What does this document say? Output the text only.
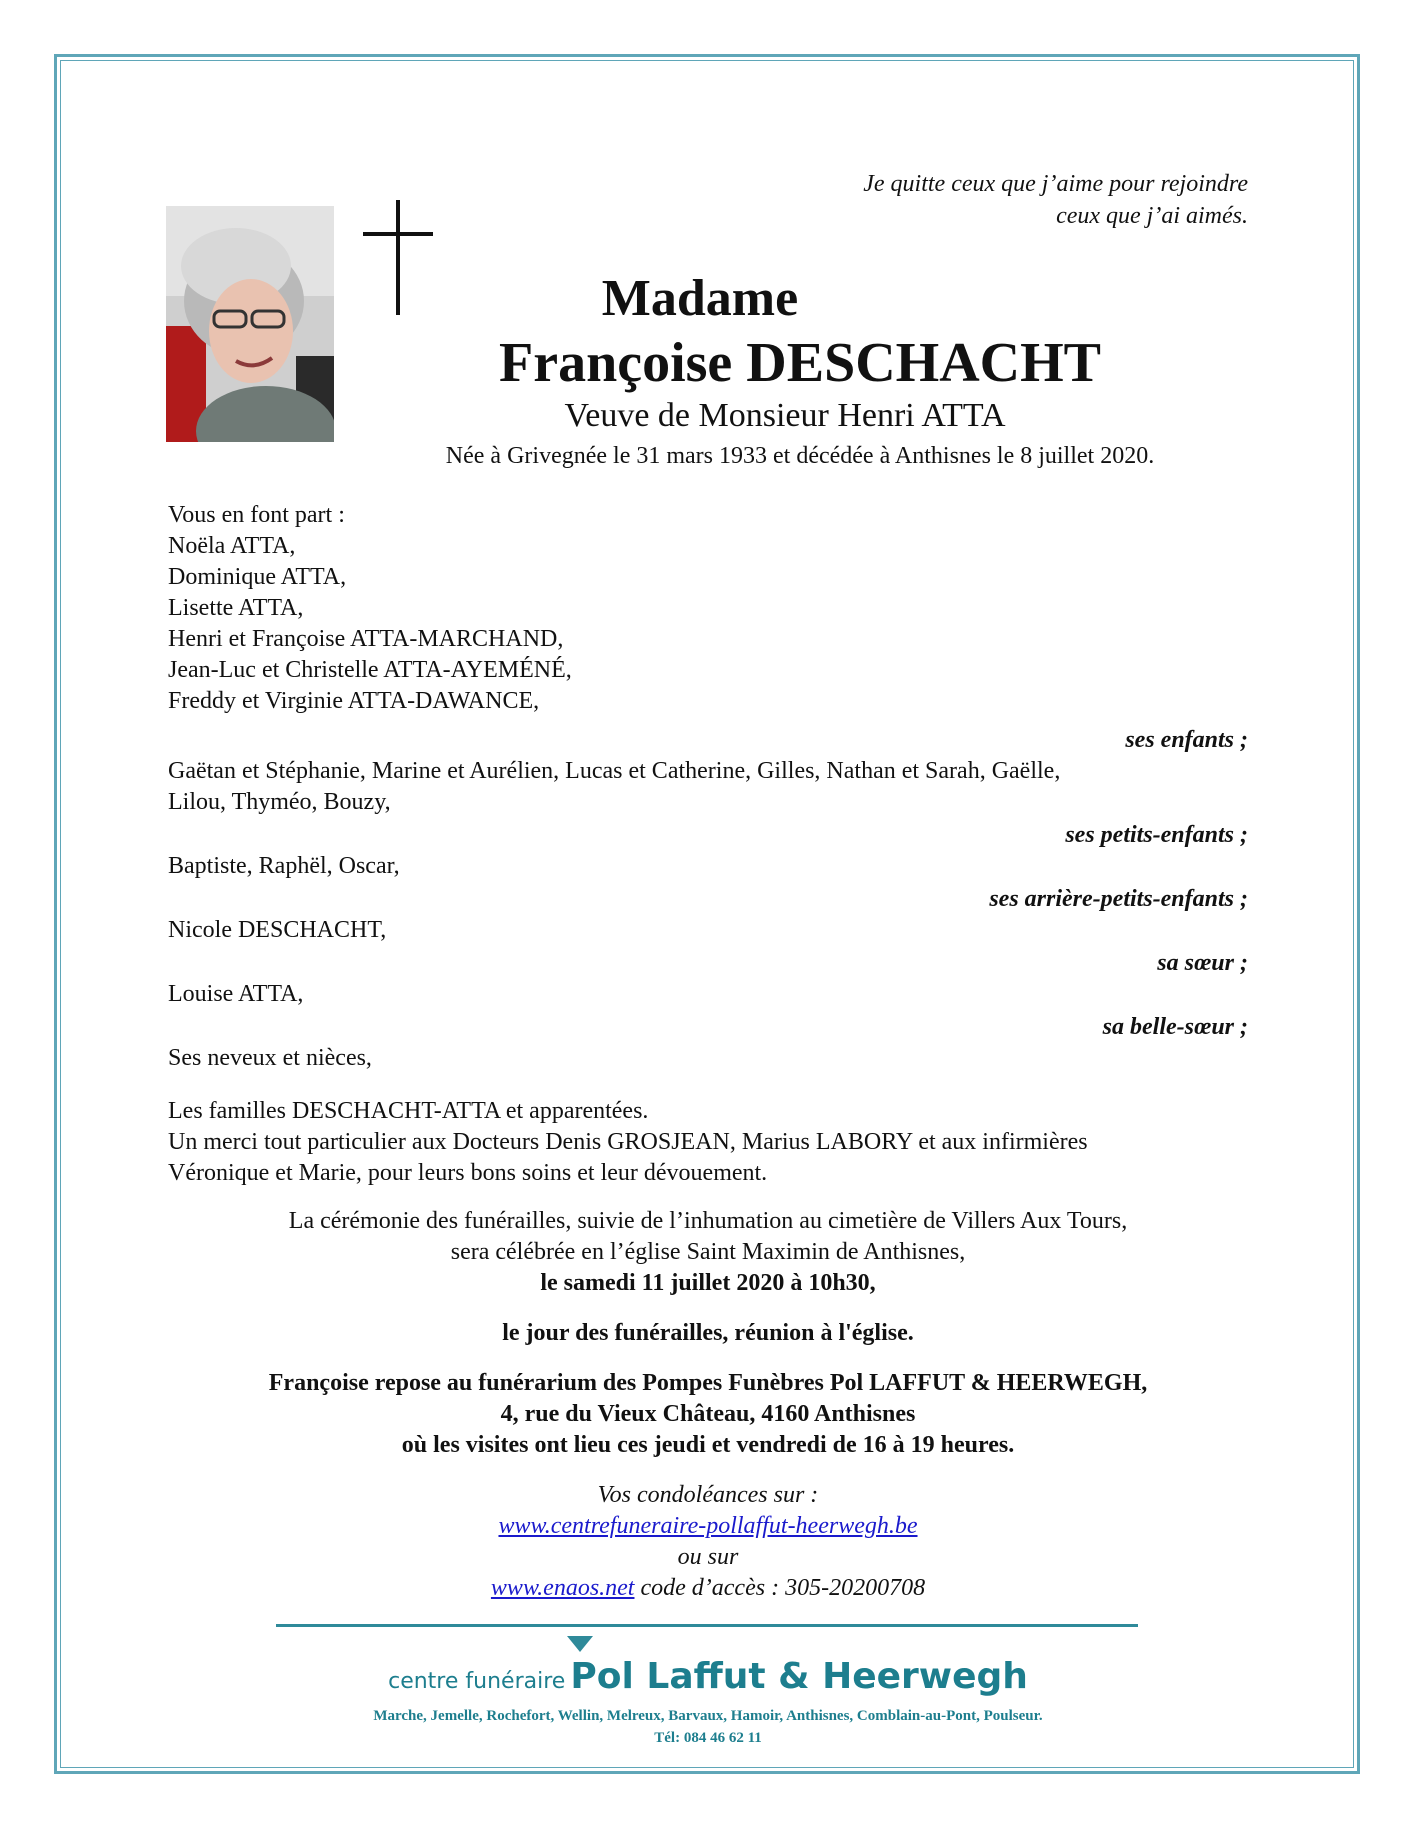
Je quitte ceux que j’aime pour rejoindre
ceux que j’ai aimés.
Madame
Françoise DESCHACHT
Veuve de Monsieur Henri ATTA
Née à Grivegnée le 31 mars 1933 et décédée à Anthisnes le 8 juillet 2020.
Vous en font part :
Noëla ATTA,
Dominique ATTA,
Lisette ATTA,
Henri et Françoise ATTA-MARCHAND,
Jean-Luc et Christelle ATTA-AYEMÉNÉ,
Freddy et Virginie ATTA-DAWANCE,
ses enfants ;
Gaëtan et Stéphanie, Marine et Aurélien, Lucas et Catherine, Gilles, Nathan et Sarah, Gaëlle,
Lilou, Thyméo, Bouzy,
ses petits-enfants ;
Baptiste, Raphël, Oscar,
ses arrière-petits-enfants ;
Nicole DESCHACHT,
sa sœur ;
Louise ATTA,
sa belle-sœur ;
Ses neveux et nièces,
Les familles DESCHACHT-ATTA et apparentées.
Un merci tout particulier aux Docteurs Denis GROSJEAN, Marius LABORY et aux infirmières
Véronique et Marie, pour leurs bons soins et leur dévouement.
La cérémonie des funérailles, suivie de l’inhumation au cimetière de Villers Aux Tours,
sera célébrée en l’église Saint Maximin de Anthisnes,
le samedi 11 juillet 2020 à 10h30,
le jour des funérailles, réunion à l'église.
Françoise repose au funérarium des Pompes Funèbres Pol LAFFUT & HEERWEGH,
4, rue du Vieux Château, 4160 Anthisnes
où les visites ont lieu ces jeudi et vendredi de 16 à 19 heures.
Vos condoléances sur :
www.centrefuneraire-pollaffut-heerwegh.be
ou sur
www.enaos.net code d’accès : 305-20200708
centre funéraire Pol Laffut & Heerwegh
Marche, Jemelle, Rochefort, Wellin, Melreux, Barvaux, Hamoir, Anthisnes, Comblain-au-Pont, Poulseur.
Tél: 084 46 62 11
